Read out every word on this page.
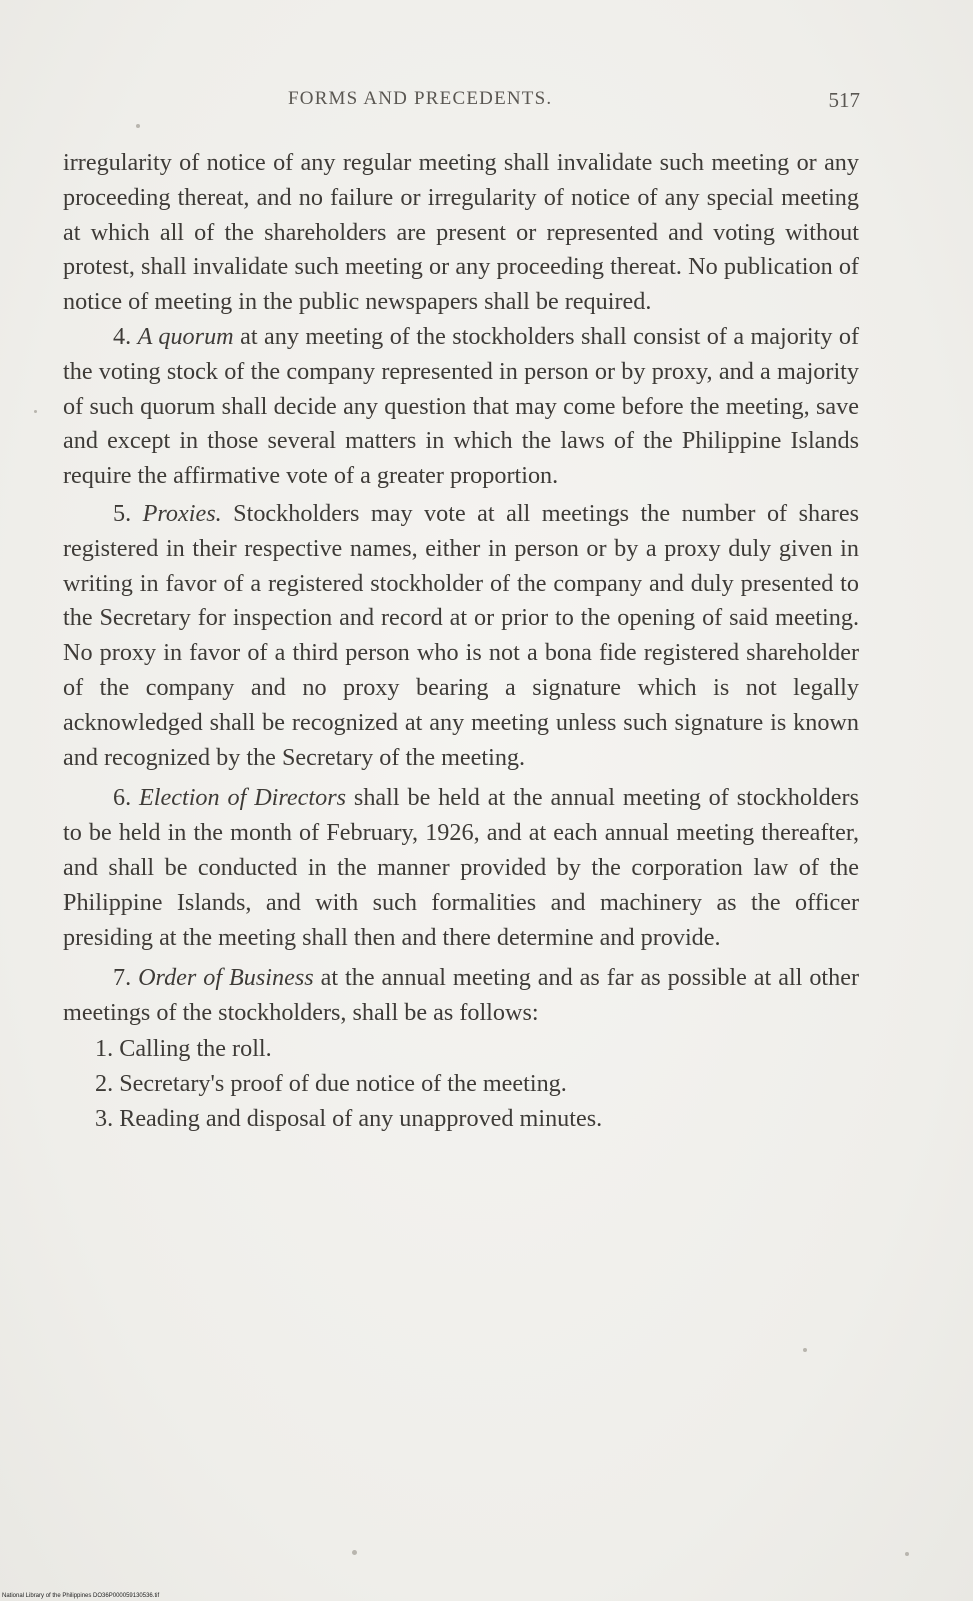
FORMS AND PRECEDENTS.	517

irregularity of notice of any regular meeting shall invalidate such meeting or any proceeding thereat, and no failure or irregularity of notice of any special meeting at which all of the shareholders are present or represented and voting without protest, shall invalidate such meeting or any proceeding thereat. No publication of notice of meeting in the public newspapers shall be required.

4. A quorum at any meeting of the stockholders shall consist of a majority of the voting stock of the company represented in person or by proxy, and a majority of such quorum shall decide any question that may come before the meeting, save and except in those several matters in which the laws of the Philippine Islands require the affirmative vote of a greater proportion.

5. Proxies. Stockholders may vote at all meetings the number of shares registered in their respective names, either in person or by a proxy duly given in writing in favor of a registered stockholder of the company and duly presented to the Secretary for inspection and record at or prior to the opening of said meeting. No proxy in favor of a third person who is not a bona fide registered shareholder of the company and no proxy bearing a signature which is not legally acknowledged shall be recognized at any meeting unless such signature is known and recognized by the Secretary of the meeting.

6. Election of Directors shall be held at the annual meeting of stockholders to be held in the month of February, 1926, and at each annual meeting thereafter, and shall be conducted in the manner provided by the corporation law of the Philippine Islands, and with such formalities and machinery as the officer presiding at the meeting shall then and there determine and provide.

7. Order of Business at the annual meeting and as far as possible at all other meetings of the stockholders, shall be as follows:

1. Calling the roll.
2. Secretary's proof of due notice of the meeting.
3. Reading and disposal of any unapproved minutes.
National Library of the Philippines DO36P000059130536.tif
